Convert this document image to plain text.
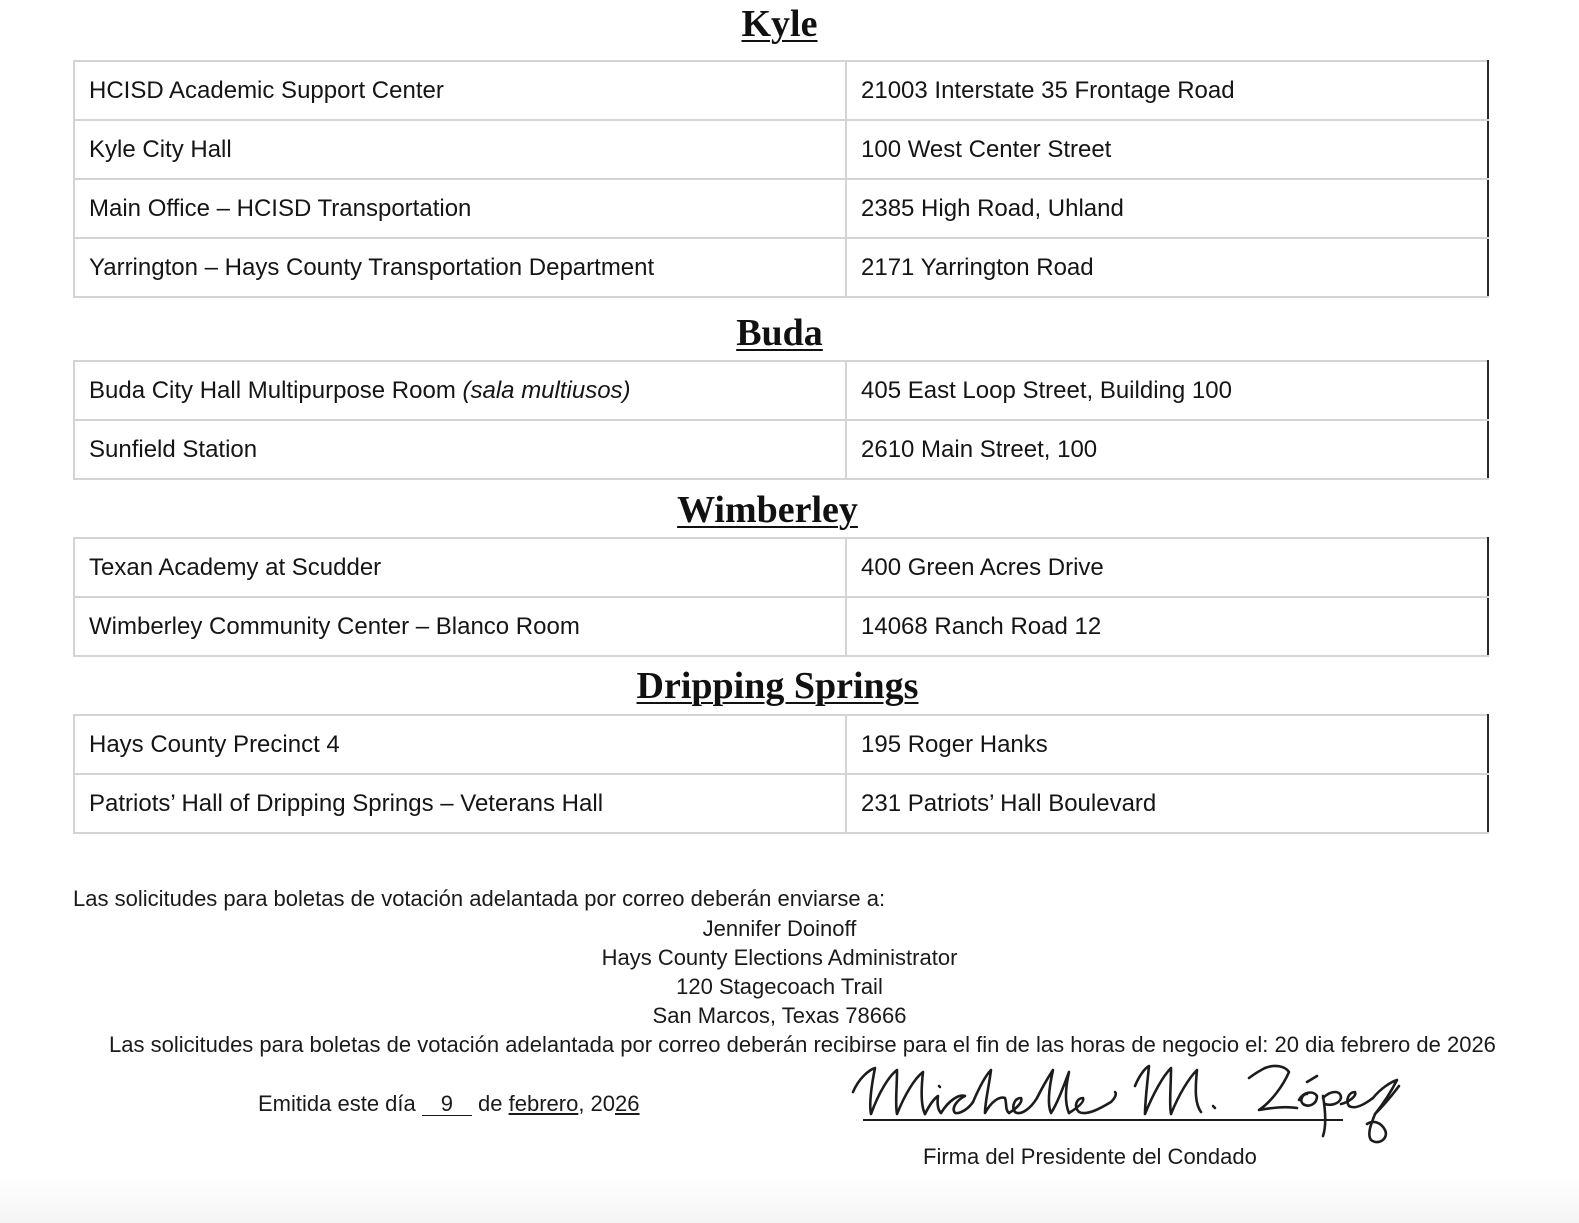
Kyle
HCISD Academic Support Center	21003 Interstate 35 Frontage Road
Kyle City Hall	100 West Center Street
Main Office – HCISD Transportation	2385 High Road, Uhland
Yarrington – Hays County Transportation Department	2171 Yarrington Road
Buda
Buda City Hall Multipurpose Room (sala multiusos)	405 East Loop Street, Building 100
Sunfield Station	2610 Main Street, 100
Wimberley
Texan Academy at Scudder	400 Green Acres Drive
Wimberley Community Center – Blanco Room	14068 Ranch Road 12
Dripping Springs
Hays County Precinct 4	195 Roger Hanks
Patriots’ Hall of Dripping Springs – Veterans Hall	231 Patriots’ Hall Boulevard
Las solicitudes para boletas de votación adelantada por correo deberán enviarse a:
Jennifer Doinoff
Hays County Elections Administrator
120 Stagecoach Trail
San Marcos, Texas 78666
Las solicitudes para boletas de votación adelantada por correo deberán recibirse para el fin de las horas de negocio el: 20 dia febrero de 2026
Emitida este día 9 de febrero, 2026
Firma del Presidente del Condado
